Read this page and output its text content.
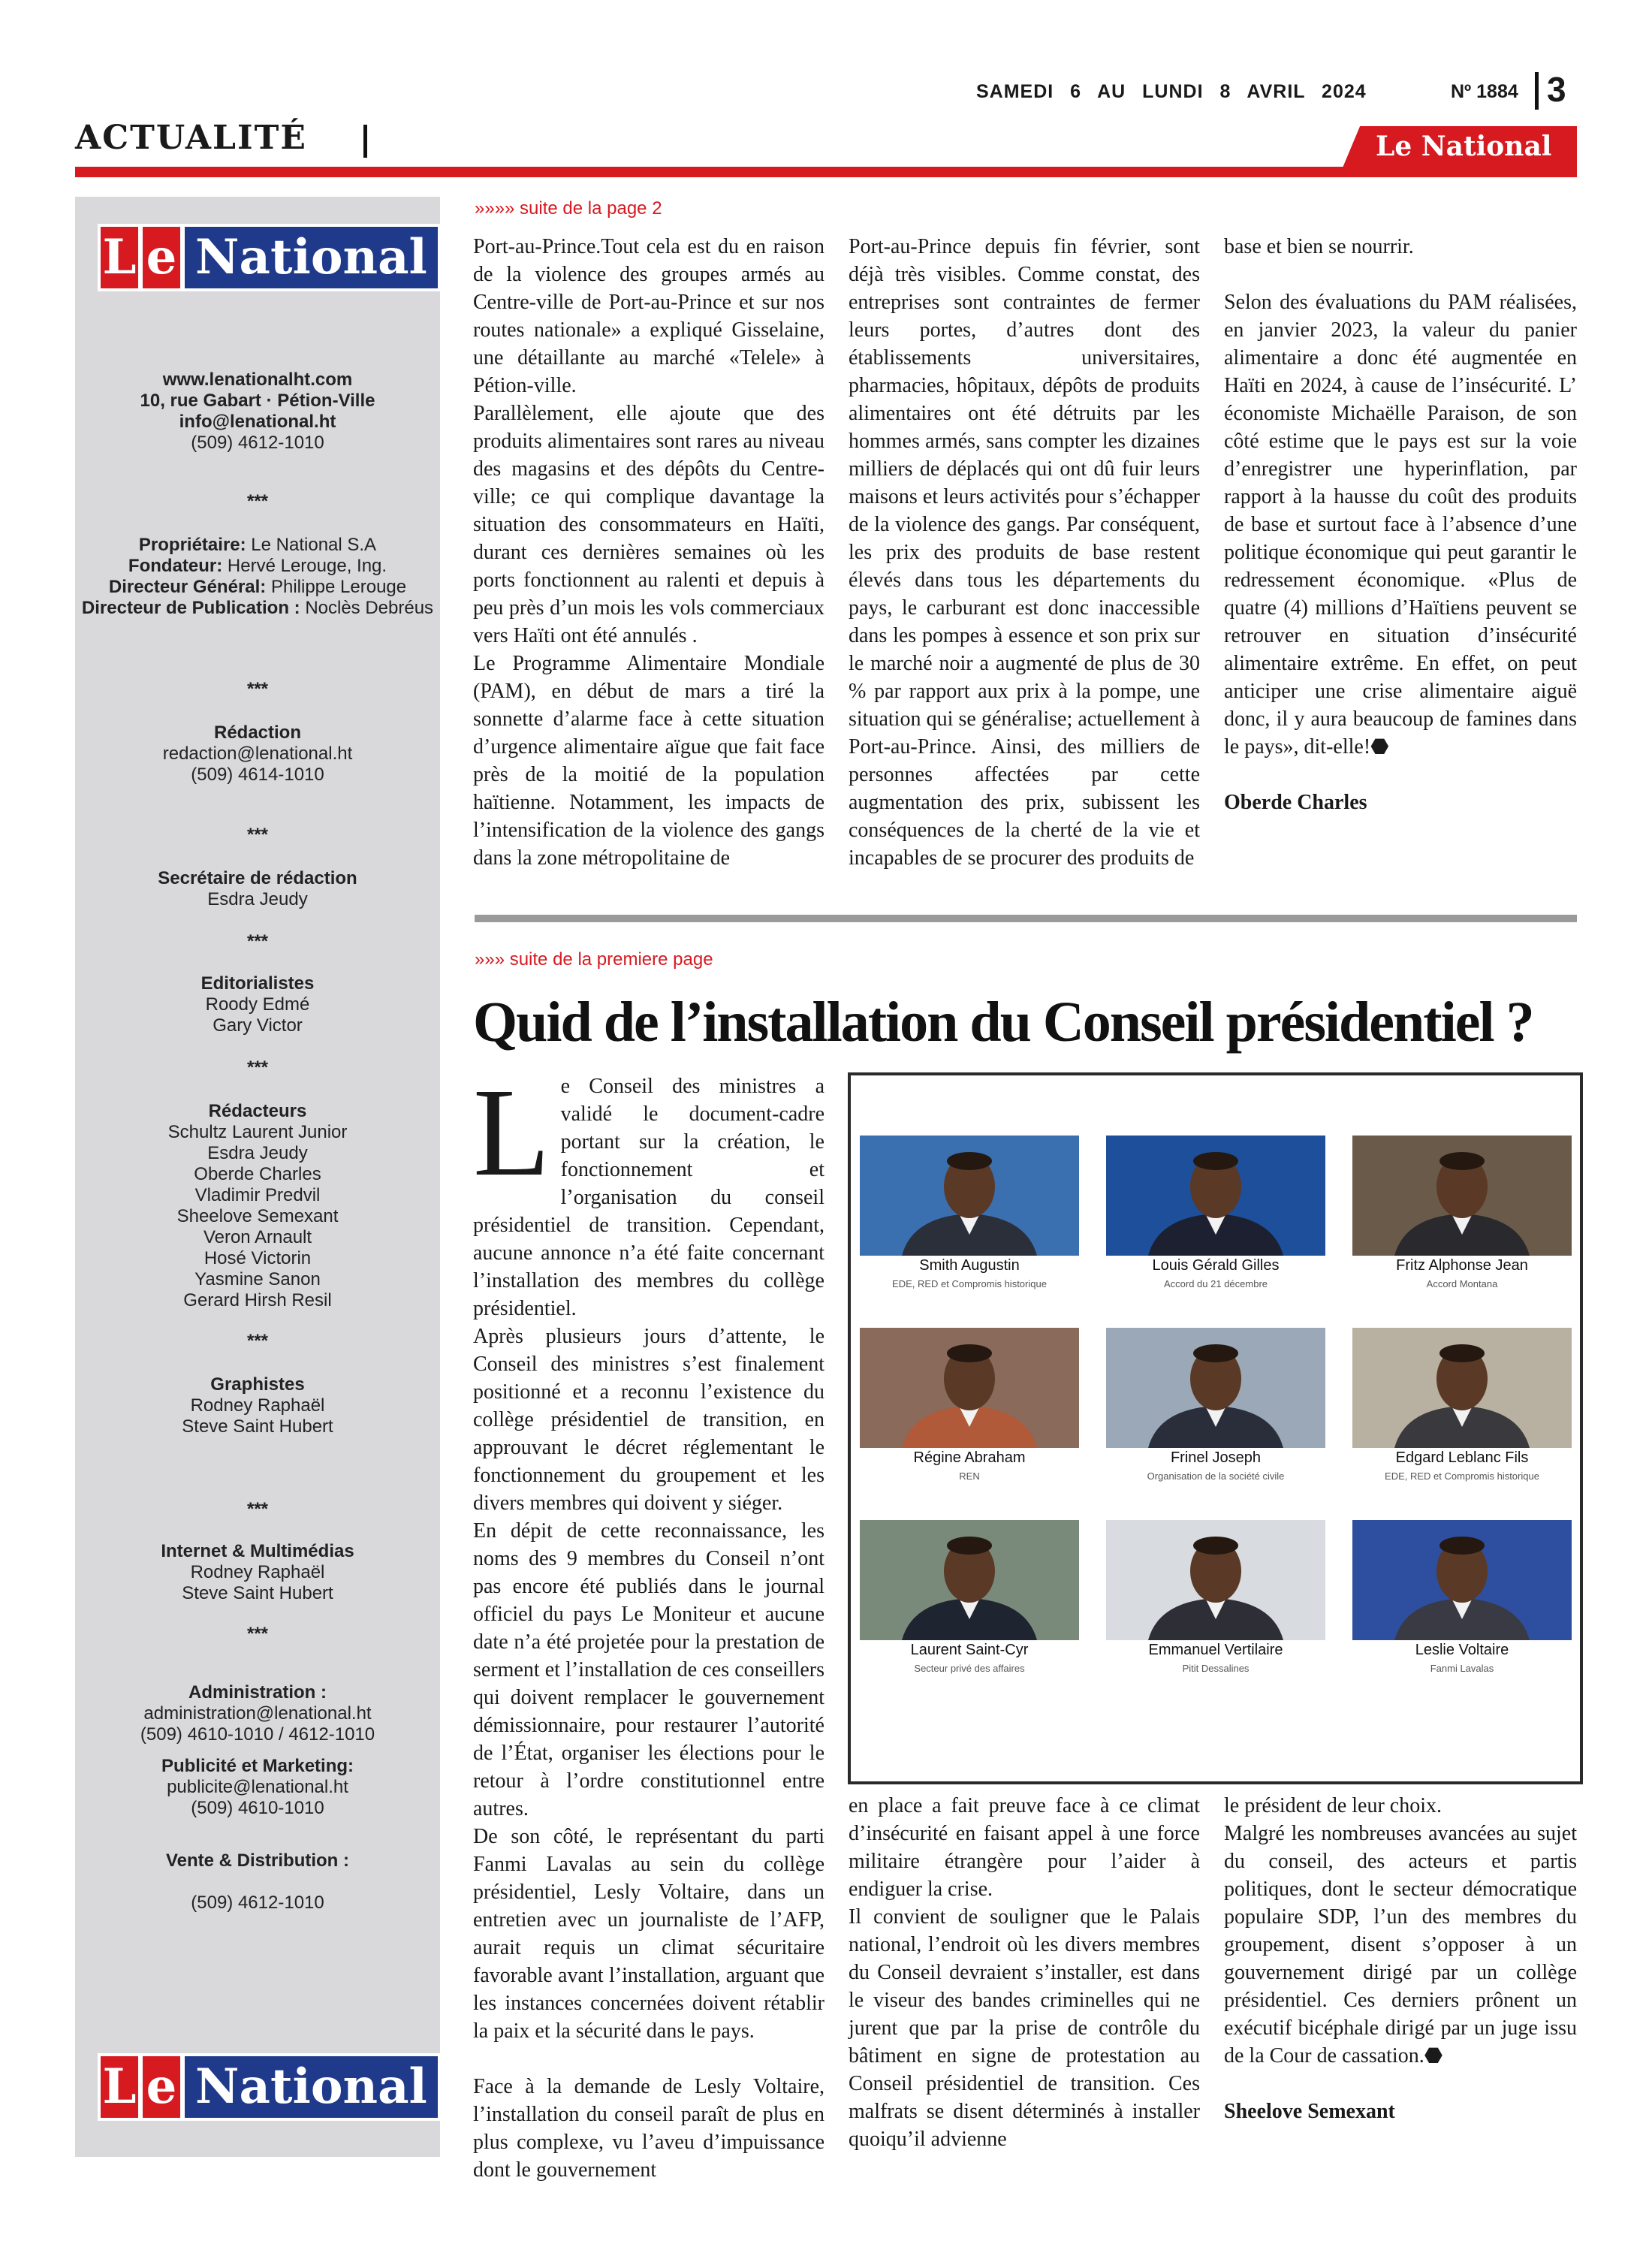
SAMEDI 6 AU LUNDI 8 AVRIL 2024	Nº 1884 3
ACTUALITÉ	Le National
L e National
www.lenationalht.com
10, rue Gabart · Pétion-Ville
info@lenational.ht
(509) 4612-1010
***
Propriétaire: Le National S.A
Fondateur: Hervé Lerouge, Ing.
Directeur Général: Philippe Lerouge
Directeur de Publication : Noclès Debréus
***
Rédaction
redaction@lenational.ht
(509) 4614-1010
***
Secrétaire de rédaction
Esdra Jeudy
***
Editorialistes
Roody Edmé
Gary Victor
***
Rédacteurs
Schultz Laurent Junior
Esdra Jeudy
Oberde Charles
Vladimir Predvil
Sheelove Semexant
Veron Arnault
Hosé Victorin
Yasmine Sanon
Gerard Hirsh Resil
***
Graphistes
Rodney Raphaël
Steve Saint Hubert
***
Internet & Multimédias
Rodney Raphaël
Steve Saint Hubert
***
Administration :
administration@lenational.ht
(509) 4610-1010 / 4612-1010
Publicité et Marketing:
publicite@lenational.ht
(509) 4610-1010
Vente & Distribution :
(509) 4612-1010
L e National
»»»» suite de la page 2

Port-au-Prince.Tout cela est du en raison de la violence des groupes armés au Centre-ville de Port-au-Prince et sur nos routes nationale» a expliqué Gisselaine, une détaillante au marché «Telele» à Pétion-ville.

Parallèlement, elle ajoute que des produits alimentaires sont rares au niveau des magasins et des dépôts du Centre-ville; ce qui complique davantage la situation des consommateurs en Haïti, durant ces dernières semaines où les ports fonctionnent au ralenti et depuis à peu près d’un mois les vols commerciaux vers Haïti ont été annulés .

Le Programme Alimentaire Mondiale (PAM), en début de mars a tiré la sonnette d’alarme face à cette situation d’urgence alimentaire aïgue que fait face près de la moitié de la population haïtienne. Notamment, les impacts de l’intensification de la violence des gangs dans la zone métropolitaine de

Port-au-Prince depuis fin février, sont déjà très visibles. Comme constat, des entreprises sont contraintes de fermer leurs portes, d’autres dont des établissements universitaires, pharmacies, hôpitaux, dépôts de produits alimentaires ont été détruits par les hommes armés, sans compter les dizaines milliers de déplacés qui ont dû fuir leurs maisons et leurs activités pour s’échapper de la violence des gangs. Par conséquent, les prix des produits de base restent élevés dans tous les départements du pays, le carburant est donc inaccessible dans les pompes à essence et son prix sur le marché noir a augmenté de plus de 30 % par rapport aux prix à la pompe, une situation qui se généralise; actuellement à Port-au-Prince. Ainsi, des milliers de personnes affectées par cette augmentation des prix, subissent les conséquences de la cherté de la vie et incapables de se procurer des produits de

base et bien se nourrir.

Selon des évaluations du PAM réalisées, en janvier 2023, la valeur du panier alimentaire a donc été augmentée en Haïti en 2024, à cause de l’insécurité. L’ économiste Michaëlle Paraison, de son côté estime que le pays est sur la voie d’enregistrer une hyperinflation, par rapport à la hausse du coût des produits de base et surtout face à l’absence d’une politique économique qui peut garantir le redressement économique. «Plus de quatre (4) millions d’Haïtiens peuvent se retrouver en situation d’insécurité alimentaire extrême. En effet, on peut anticiper une crise alimentaire aiguë donc, il y aura beaucoup de famines dans le pays», dit-elle!⬣

Oberde Charles

»»» suite de la premiere page
Quid de l’installation du Conseil présidentiel ?

Le Conseil des ministres a validé le document-cadre portant sur la création, le fonctionnement et l’organisation du conseil présidentiel de transition. Cependant, aucune annonce n’a été faite concernant l’installation des membres du collège présidentiel.

Après plusieurs jours d’attente, le Conseil des ministres s’est finalement positionné et a reconnu l’existence du collège présidentiel de transition, en approuvant le décret réglementant le fonctionnement du groupement et les divers membres qui doivent y siéger.

En dépit de cette reconnaissance, les noms des 9 membres du Conseil n’ont pas encore été publiés dans le journal officiel du pays Le Moniteur et aucune date n’a été projetée pour la prestation de serment et l’installation de ces conseillers qui doivent remplacer le gouvernement démissionnaire, pour restaurer l’autorité de l’État, organiser les élections pour le retour à l’ordre constitutionnel entre autres.

De son côté, le représentant du parti Fanmi Lavalas au sein du collège présidentiel, Lesly Voltaire, dans un entretien avec un journaliste de l’AFP, aurait requis un climat sécuritaire favorable avant l’installation, arguant que les instances concernées doivent rétablir la paix et la sécurité dans le pays.

Face à la demande de Lesly Voltaire, l’installation du conseil paraît de plus en plus complexe, vu l’aveu d’impuissance dont le gouvernement

en place a fait preuve face à ce climat d’insécurité en faisant appel à une force militaire étrangère pour l’aider à endiguer la crise.

Il convient de souligner que le Palais national, l’endroit où les divers membres du Conseil devraient s’installer, est dans le viseur des bandes criminelles qui ne jurent que par la prise de contrôle du bâtiment en signe de protestation au Conseil présidentiel de transition. Ces malfrats se disent déterminés à installer quoiqu’il advienne

le président de leur choix.

Malgré les nombreuses avancées au sujet du conseil, des acteurs et partis politiques, dont le secteur démocratique populaire SDP, l’un des membres du groupement, disent s’opposer à un gouvernement dirigé par un collège présidentiel. Ces derniers prônent un exécutif bicéphale dirigé par un juge issu de la Cour de cassation.⬣

Sheelove Semexant

Smith Augustin
EDE, RED et Compromis historique
Louis Gérald Gilles
Accord du 21 décembre
Fritz Alphonse Jean
Accord Montana
Régine Abraham
REN
Frinel Joseph
Organisation de la société civile
Edgard Leblanc Fils
EDE, RED et Compromis historique
Laurent Saint-Cyr
Secteur privé des affaires
Emmanuel Vertilaire
Pitit Dessalines
Leslie Voltaire
Fanmi Lavalas
